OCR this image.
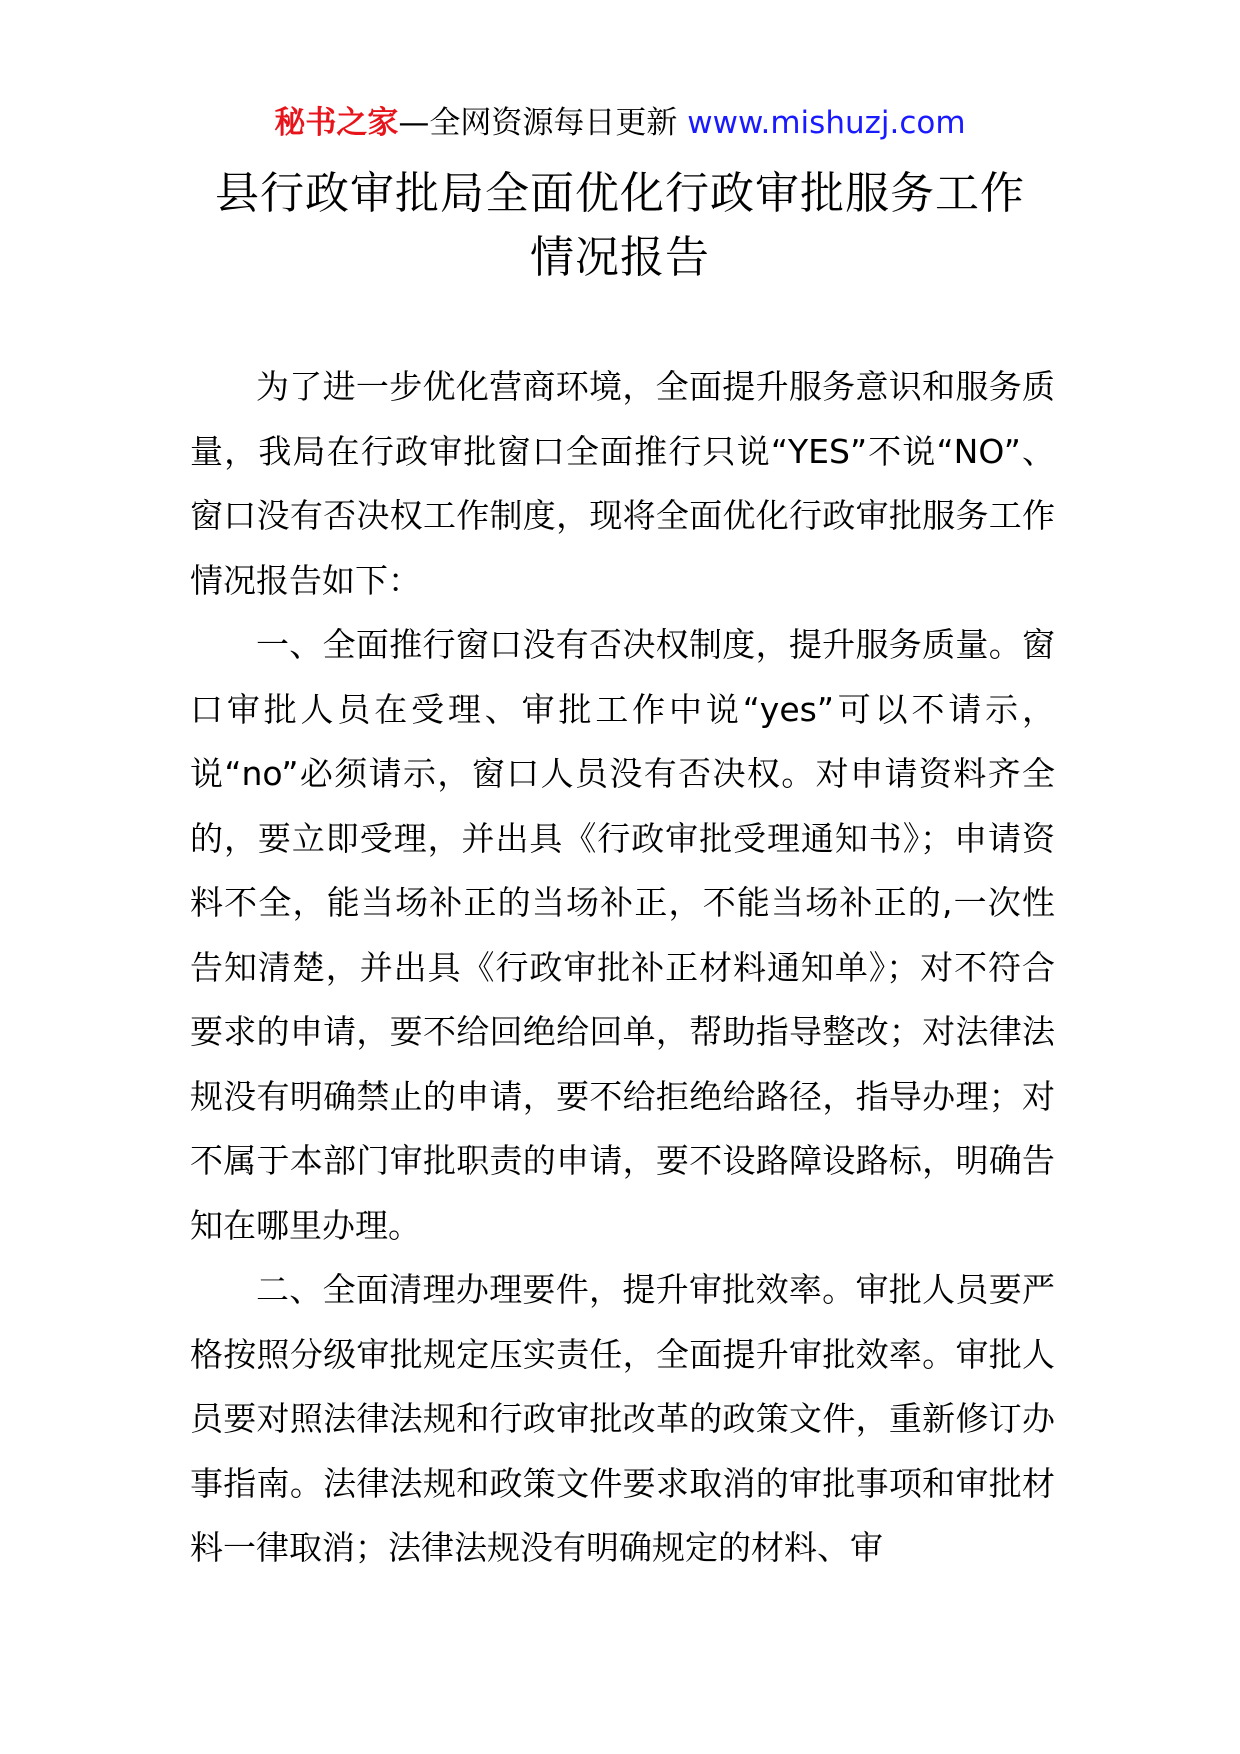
秘书之家—全网资源每日更新 www.mishuzj.com
县行政审批局全面优化行政审批服务工作
情况报告

为了进一步优化营商环境，全面提升服务意识和服务质量，我局在行政审批窗口全面推行只说“YES”不说“NO”、窗口没有否决权工作制度，现将全面优化行政审批服务工作情况报告如下：

一、全面推行窗口没有否决权制度，提升服务质量。窗口审批人员在受理、审批工作中说“yes”可以不请示，说“no”必须请示，窗口人员没有否决权。对申请资料齐全的，要立即受理，并出具《行政审批受理通知书》；申请资料不全，能当场补正的当场补正，不能当场补正的,一次性告知清楚，并出具《行政审批补正材料通知单》；对不符合要求的申请，要不给回绝给回单，帮助指导整改；对法律法规没有明确禁止的申请，要不给拒绝给路径，指导办理；对不属于本部门审批职责的申请，要不设路障设路标，明确告知在哪里办理。

二、全面清理办理要件，提升审批效率。审批人员要严格按照分级审批规定压实责任，全面提升审批效率。审批人员要对照法律法规和行政审批改革的政策文件，重新修订办事指南。法律法规和政策文件要求取消的审批事项和审批材料一律取消；法律法规没有明确规定的材料、审
